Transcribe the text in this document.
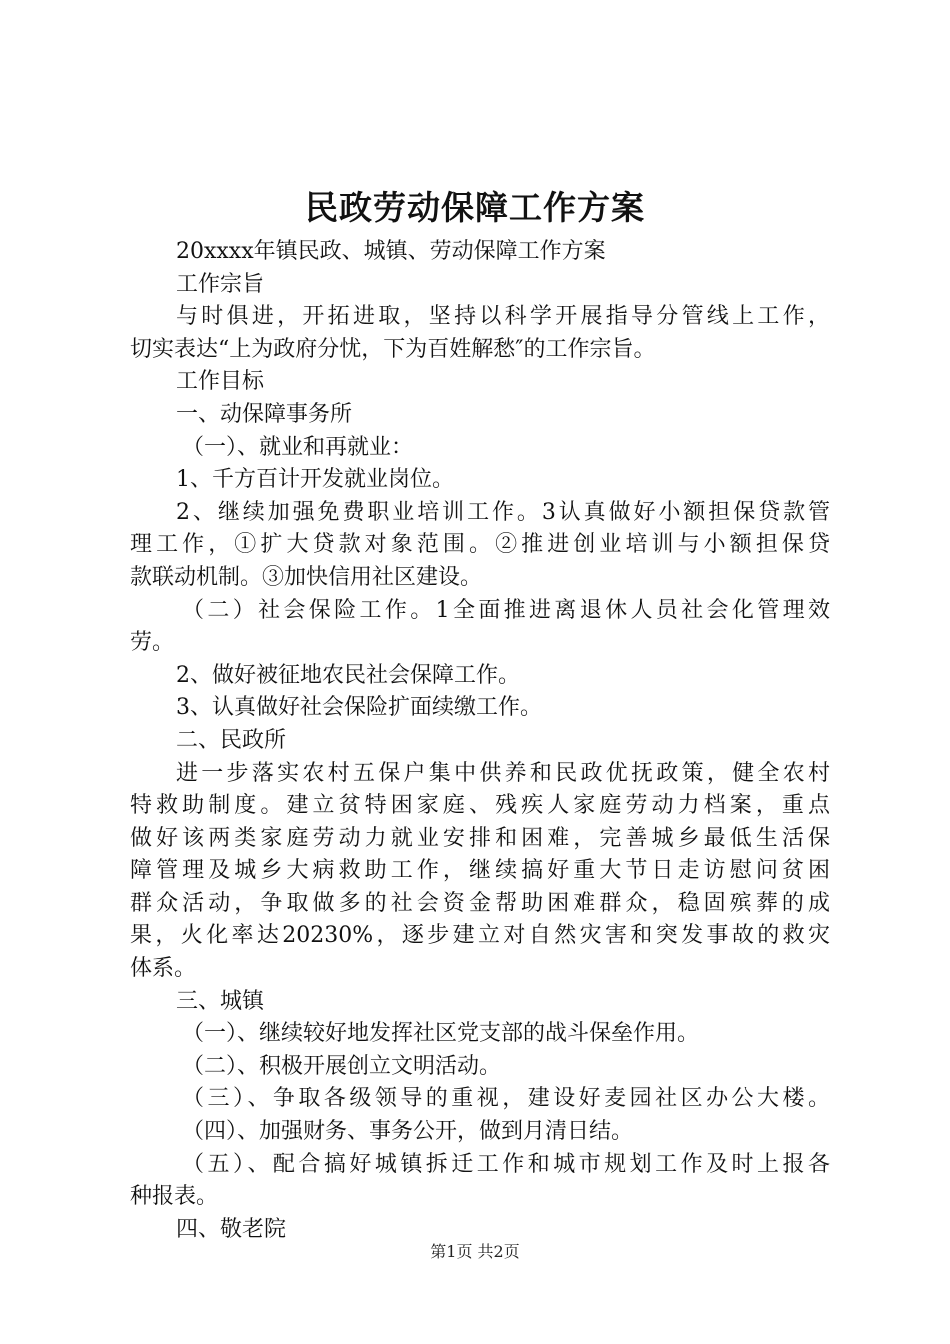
民政劳动保障工作方案
20xxxx年镇民政、城镇、劳动保障工作方案
工作宗旨
与时俱进，开拓进取，坚持以科学开展指导分管线上工作，
切实表达“上为政府分忧，下为百姓解愁″的工作宗旨。
工作目标
一、动保障事务所
（一）、就业和再就业：
1、千方百计开发就业岗位。
2、继续加强免费职业培训工作。3认真做好小额担保贷款管
理工作，①扩大贷款对象范围。②推进创业培训与小额担保贷
款联动机制。③加快信用社区建设。
（二）社会保险工作。1全面推进离退休人员社会化管理效
劳。
2、做好被征地农民社会保障工作。
3、认真做好社会保险扩面续缴工作。
二、民政所
进一步落实农村五保户集中供养和民政优抚政策，健全农村
特救助制度。建立贫特困家庭、残疾人家庭劳动力档案，重点
做好该两类家庭劳动力就业安排和困难，完善城乡最低生活保
障管理及城乡大病救助工作，继续搞好重大节日走访慰问贫困
群众活动，争取做多的社会资金帮助困难群众，稳固殡葬的成
果，火化率达20230%，逐步建立对自然灾害和突发事故的救灾
体系。
三、城镇
（一）、继续较好地发挥社区党支部的战斗保垒作用。
（二）、积极开展创立文明活动。
（三）、争取各级领导的重视，建设好麦园社区办公大楼。
（四）、加强财务、事务公开，做到月清日结。
（五）、配合搞好城镇拆迁工作和城市规划工作及时上报各
种报表。
四、敬老院
第1页 共2页
